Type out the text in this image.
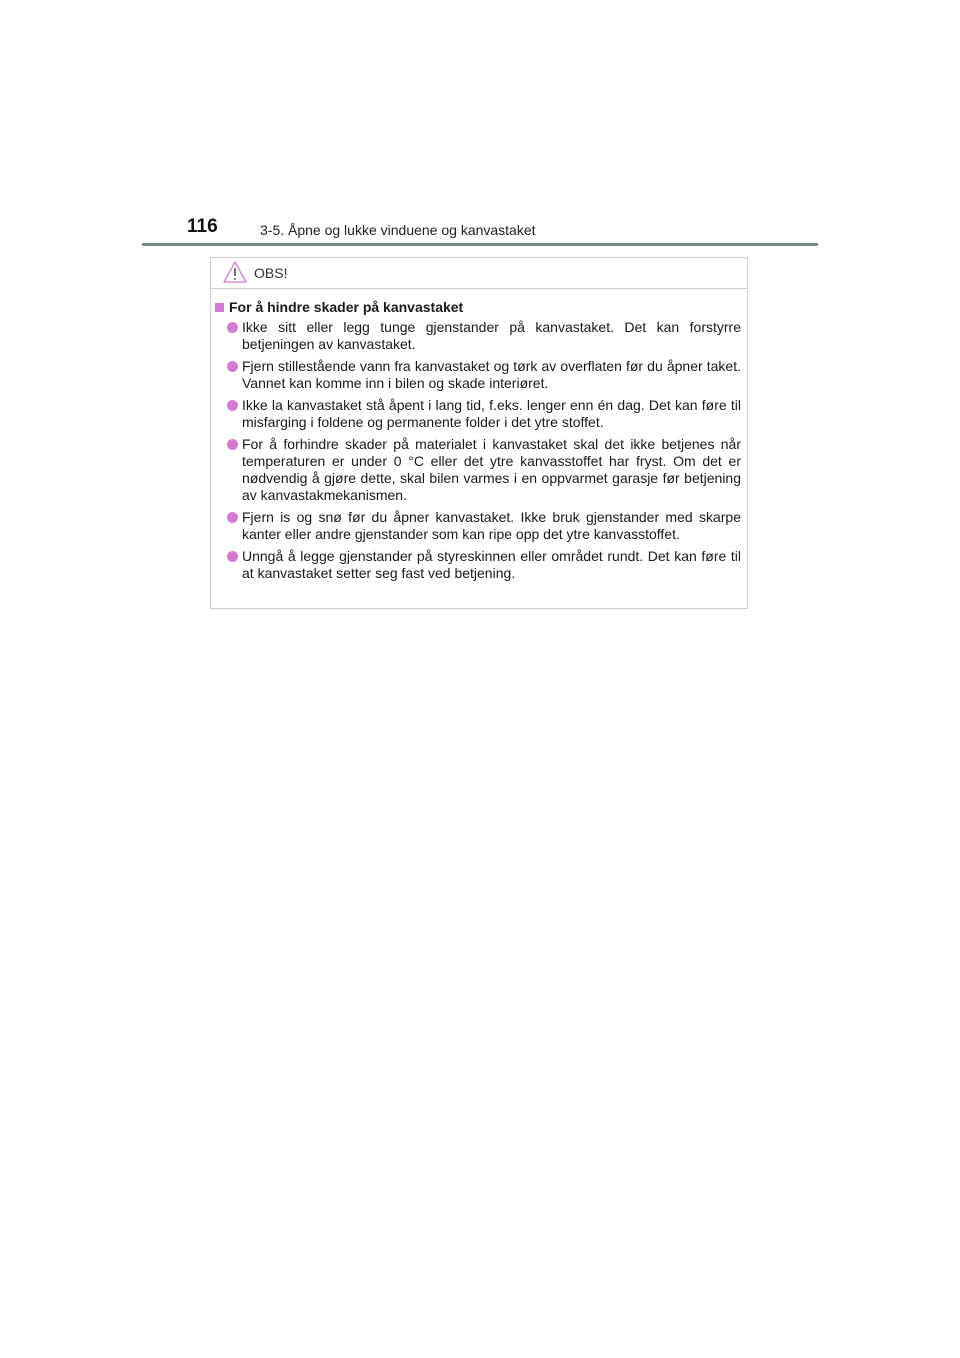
116	3-5. Åpne og lukke vinduene og kanvastaket
OBS!
For å hindre skader på kanvastaket
Ikke sitt eller legg tunge gjenstander på kanvastaket. Det kan forstyrre betjeningen av kanvastaket.
Fjern stillestående vann fra kanvastaket og tørk av overflaten før du åpner taket. Vannet kan komme inn i bilen og skade interiøret.
Ikke la kanvastaket stå åpent i lang tid, f.eks. lenger enn én dag. Det kan føre til misfarging i foldene og permanente folder i det ytre stoffet.
For å forhindre skader på materialet i kanvastaket skal det ikke betjenes når temperaturen er under 0 °C eller det ytre kanvasstoffet har fryst. Om det er nødvendig å gjøre dette, skal bilen varmes i en oppvarmet garasje før betjening av kanvastakmekanismen.
Fjern is og snø før du åpner kanvastaket. Ikke bruk gjenstander med skarpe kanter eller andre gjenstander som kan ripe opp det ytre kanvasstoffet.
Unngå å legge gjenstander på styreskinnen eller området rundt. Det kan føre til at kanvastaket setter seg fast ved betjening.
